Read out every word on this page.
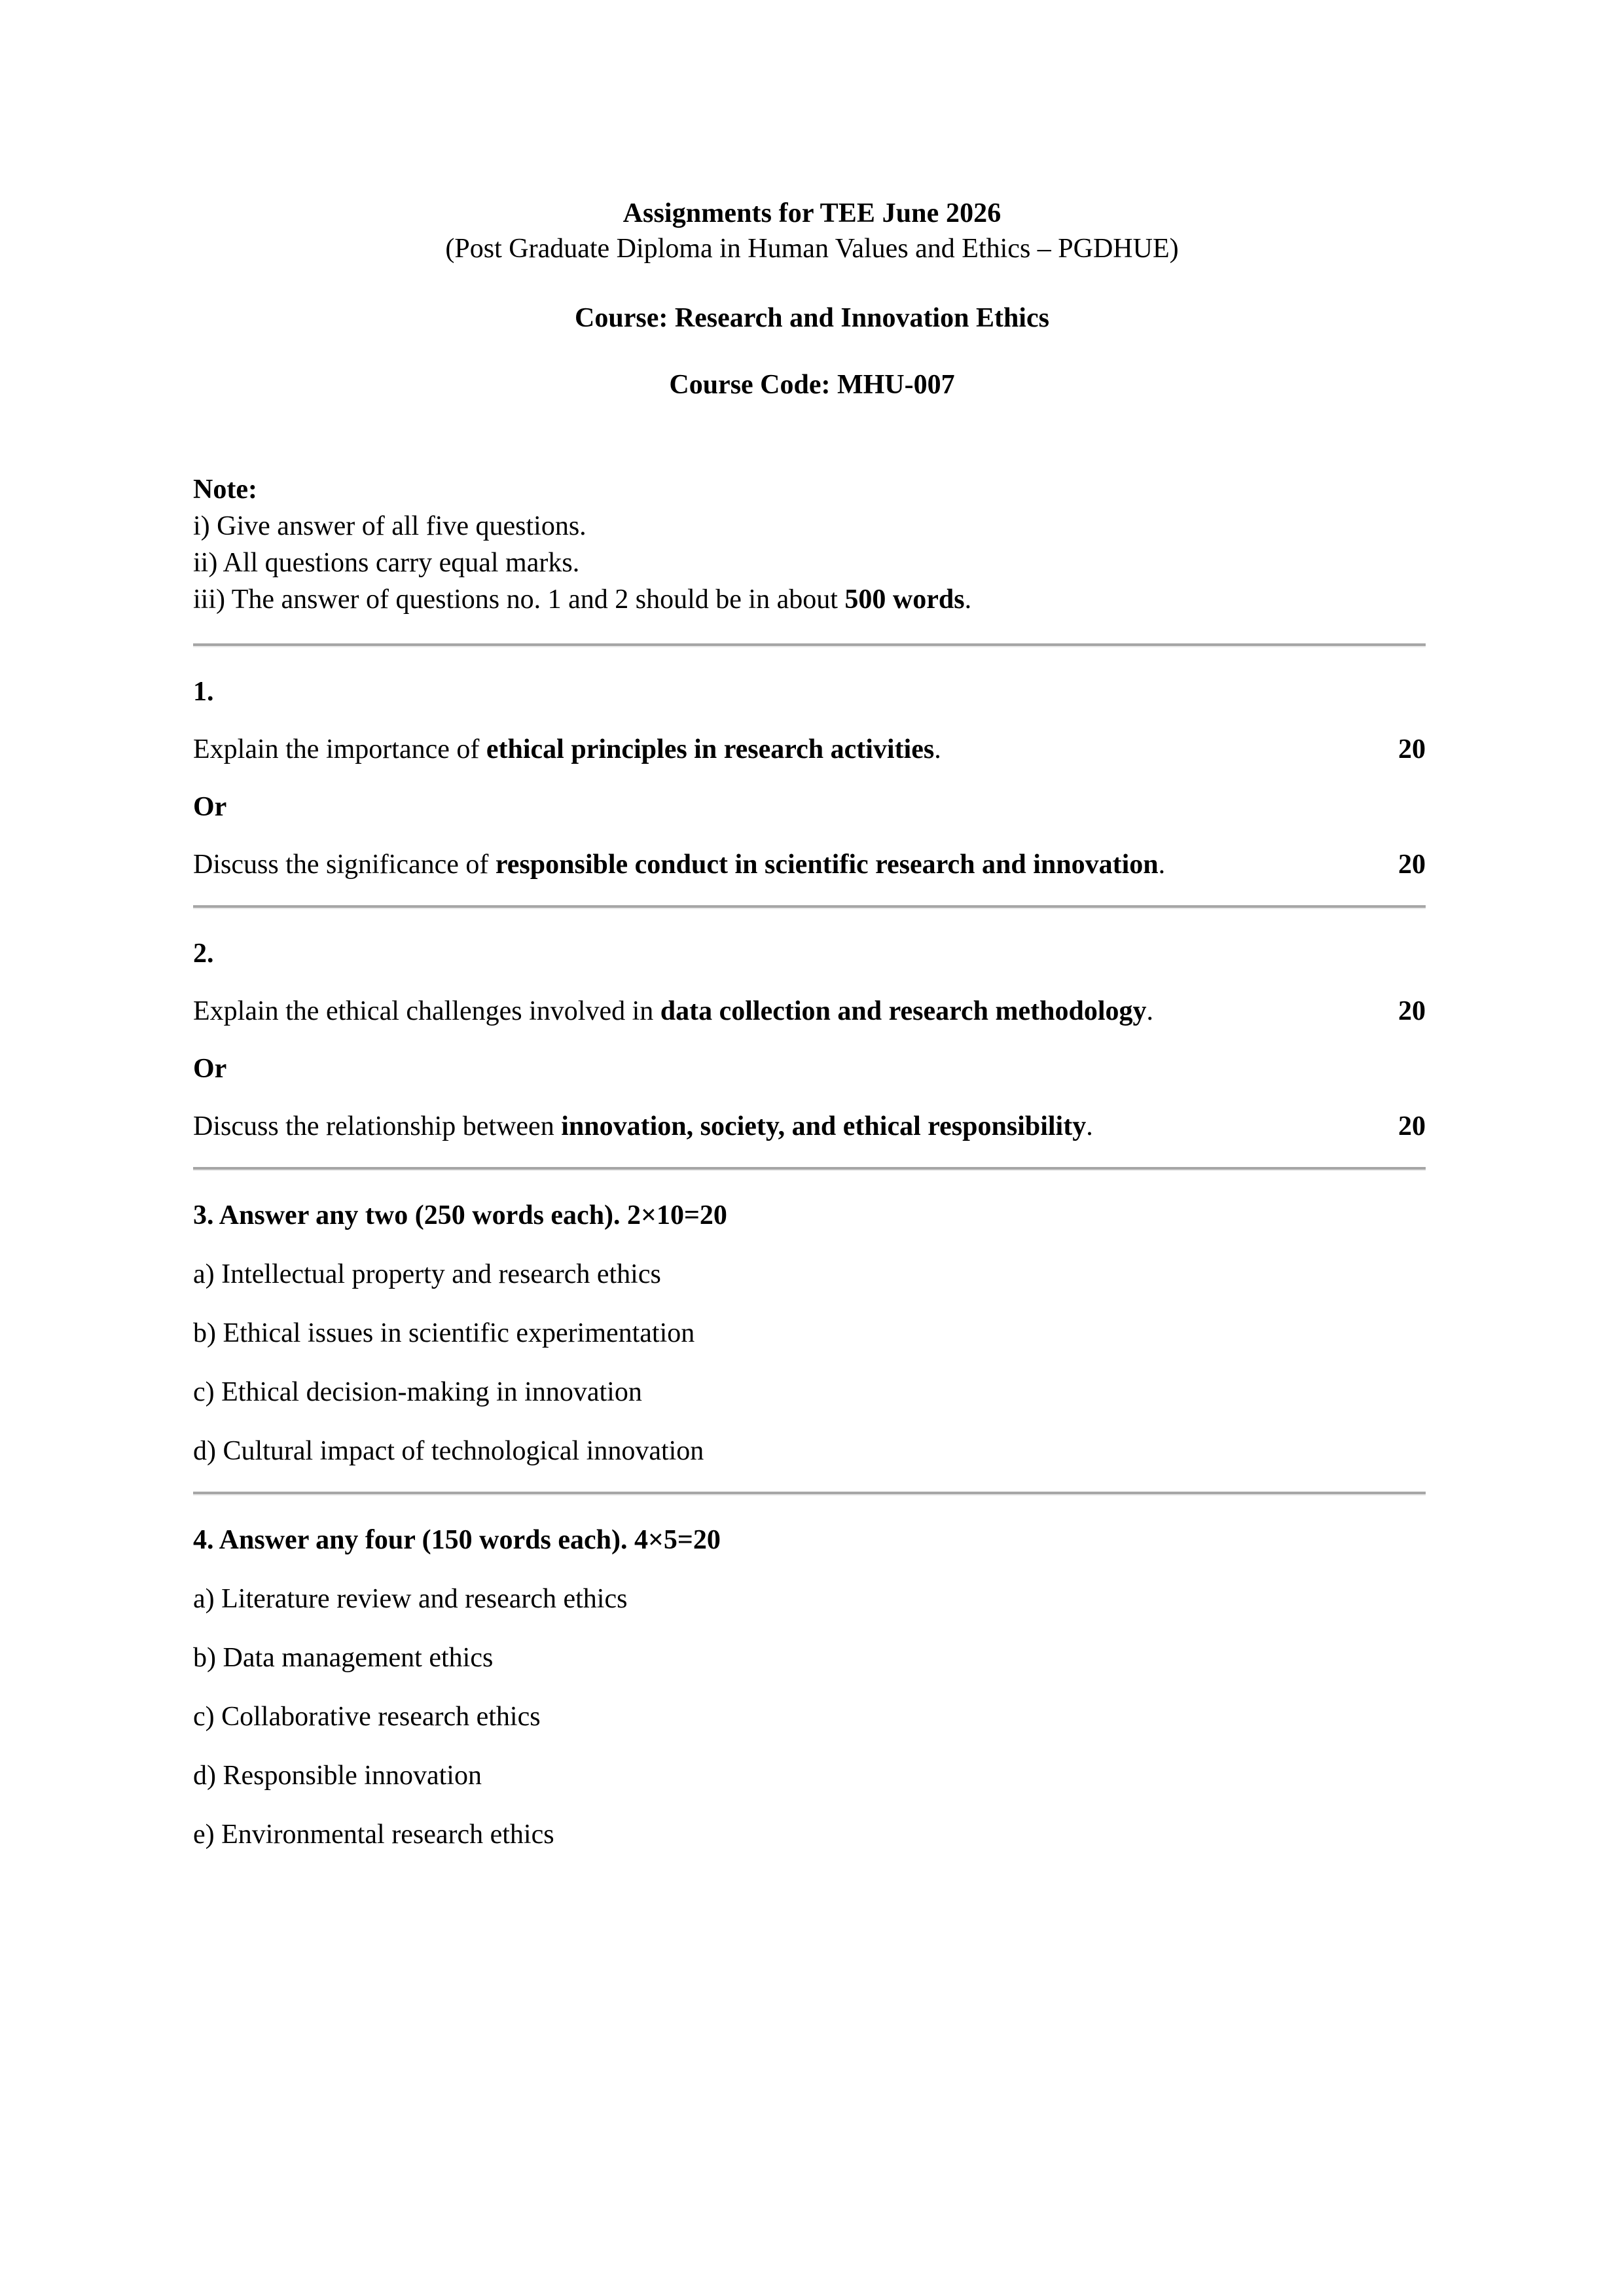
Assignments for TEE June 2026
(Post Graduate Diploma in Human Values and Ethics – PGDHUE)
Course: Research and Innovation Ethics
Course Code: MHU-007
Note:
i) Give answer of all five questions.
ii) All questions carry equal marks.
iii) The answer of questions no. 1 and 2 should be in about 500 words.
1.
Explain the importance of ethical principles in research activities.	20
Or
Discuss the significance of responsible conduct in scientific research and innovation.	20
2.
Explain the ethical challenges involved in data collection and research methodology.	20
Or
Discuss the relationship between innovation, society, and ethical responsibility.	20
3. Answer any two (250 words each). 2×10=20
a) Intellectual property and research ethics
b) Ethical issues in scientific experimentation
c) Ethical decision-making in innovation
d) Cultural impact of technological innovation
4. Answer any four (150 words each). 4×5=20
a) Literature review and research ethics
b) Data management ethics
c) Collaborative research ethics
d) Responsible innovation
e) Environmental research ethics
